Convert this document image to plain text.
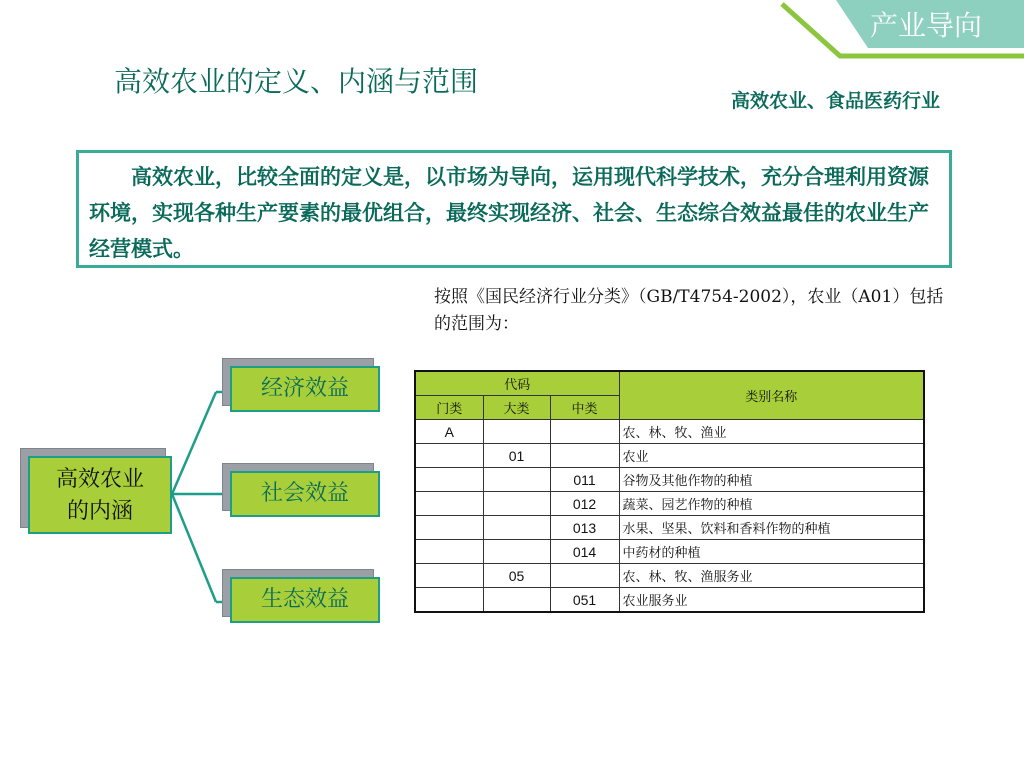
产业导向
高效农业的定义、内涵与范围
高效农业、食品医药行业
高效农业，比较全面的定义是，以市场为导向，运用现代科学技术，充分合理利用资源环境，实现各种生产要素的最优组合，最终实现经济、社会、生态综合效益最佳的农业生产经营模式。
按照《国民经济行业分类》（GB/T4754-2002），农业（A01）包括的范围为：
高效农业
的内涵
经济效益
社会效益
生态效益
代码			类别名称
门类	大类	中类	
A			农、林、牧、渔业
	01		农业
		011	谷物及其他作物的种植
		012	蔬菜、园艺作物的种植
		013	水果、坚果、饮料和香料作物的种植
		014	中药材的种植
	05		农、林、牧、渔服务业
		051	农业服务业
